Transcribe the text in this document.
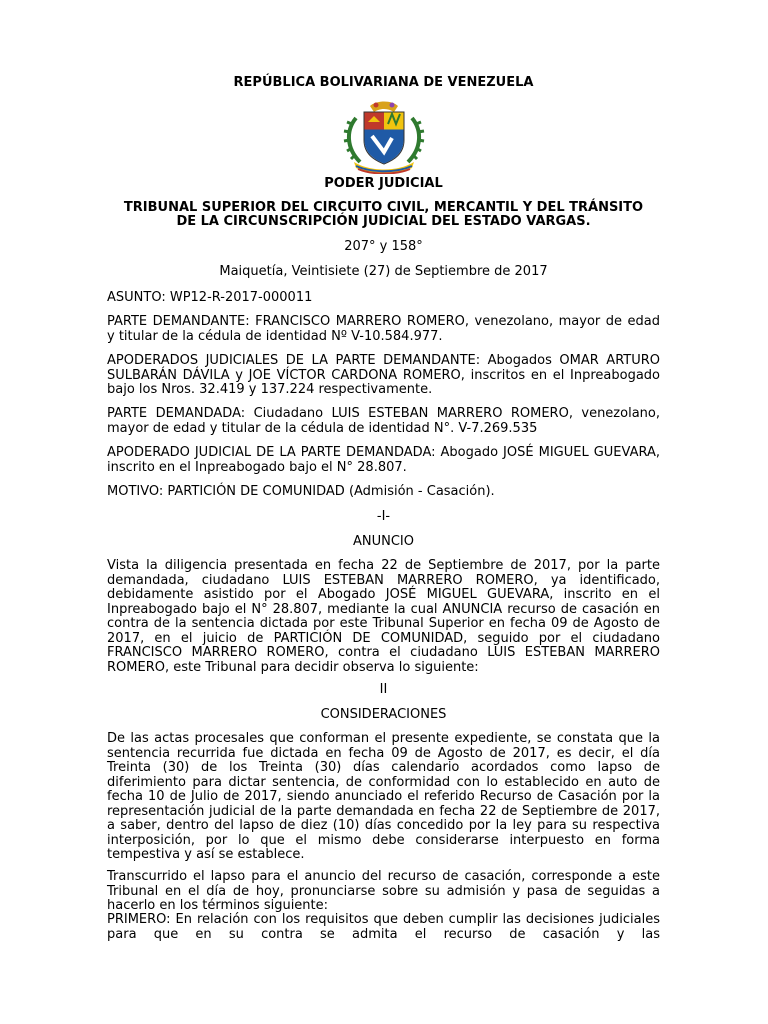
REPÚBLICA BOLIVARIANA DE VENEZUELA

PODER JUDICIAL

TRIBUNAL SUPERIOR DEL CIRCUITO CIVIL, MERCANTIL Y DEL TRÁNSITO

DE LA CIRCUNSCRIPCIÓN JUDICIAL DEL ESTADO VARGAS.

207° y 158°

Maiquetía, Veintisiete (27) de Septiembre de 2017

ASUNTO: WP12-R-2017-000011

PARTE DEMANDANTE: FRANCISCO MARRERO ROMERO, venezolano, mayor de edad y titular de la cédula de identidad Nº V-10.584.977.

APODERADOS JUDICIALES DE LA PARTE DEMANDANTE: Abogados OMAR ARTURO SULBARÁN DÁVILA y JOE VÍCTOR CARDONA ROMERO, inscritos en el Inpreabogado bajo los Nros. 32.419 y 137.224 respectivamente.

PARTE DEMANDADA: Ciudadano LUIS ESTEBAN MARRERO ROMERO, venezolano, mayor de edad y titular de la cédula de identidad N°. V-7.269.535

APODERADO JUDICIAL DE LA PARTE DEMANDADA: Abogado JOSÉ MIGUEL GUEVARA, inscrito en el Inpreabogado bajo el N° 28.807.

MOTIVO: PARTICIÓN DE COMUNIDAD (Admisión - Casación).

-I-

ANUNCIO

Vista la diligencia presentada en fecha 22 de Septiembre de 2017, por la parte demandada, ciudadano LUIS ESTEBAN MARRERO ROMERO, ya identificado, debidamente asistido por el Abogado JOSÉ MIGUEL GUEVARA, inscrito en el Inpreabogado bajo el N° 28.807, mediante la cual ANUNCIA recurso de casación en contra de la sentencia dictada por este Tribunal Superior en fecha 09 de Agosto de 2017, en el juicio de PARTICIÓN DE COMUNIDAD, seguido por el ciudadano FRANCISCO MARRERO ROMERO, contra el ciudadano LUIS ESTEBAN MARRERO ROMERO, este Tribunal para decidir observa lo siguiente:

II

CONSIDERACIONES

De las actas procesales que conforman el presente expediente, se constata que la sentencia recurrida fue dictada en fecha 09 de Agosto de 2017, es decir, el día Treinta (30) de los Treinta (30) días calendario acordados como lapso de diferimiento para dictar sentencia, de conformidad con lo establecido en auto de fecha 10 de Julio de 2017, siendo anunciado el referido Recurso de Casación por la representación judicial de la parte demandada en fecha 22 de Septiembre de 2017, a saber, dentro del lapso de diez (10) días concedido por la ley para su respectiva interposición, por lo que el mismo debe considerarse interpuesto en forma tempestiva y así se establece.

Transcurrido el lapso para el anuncio del recurso de casación, corresponde a este Tribunal en el día de hoy, pronunciarse sobre su admisión y pasa de seguidas a hacerlo en los términos siguiente:

PRIMERO: En relación con los requisitos que deben cumplir las decisiones judiciales para que en su contra se admita el recurso de casación y las
